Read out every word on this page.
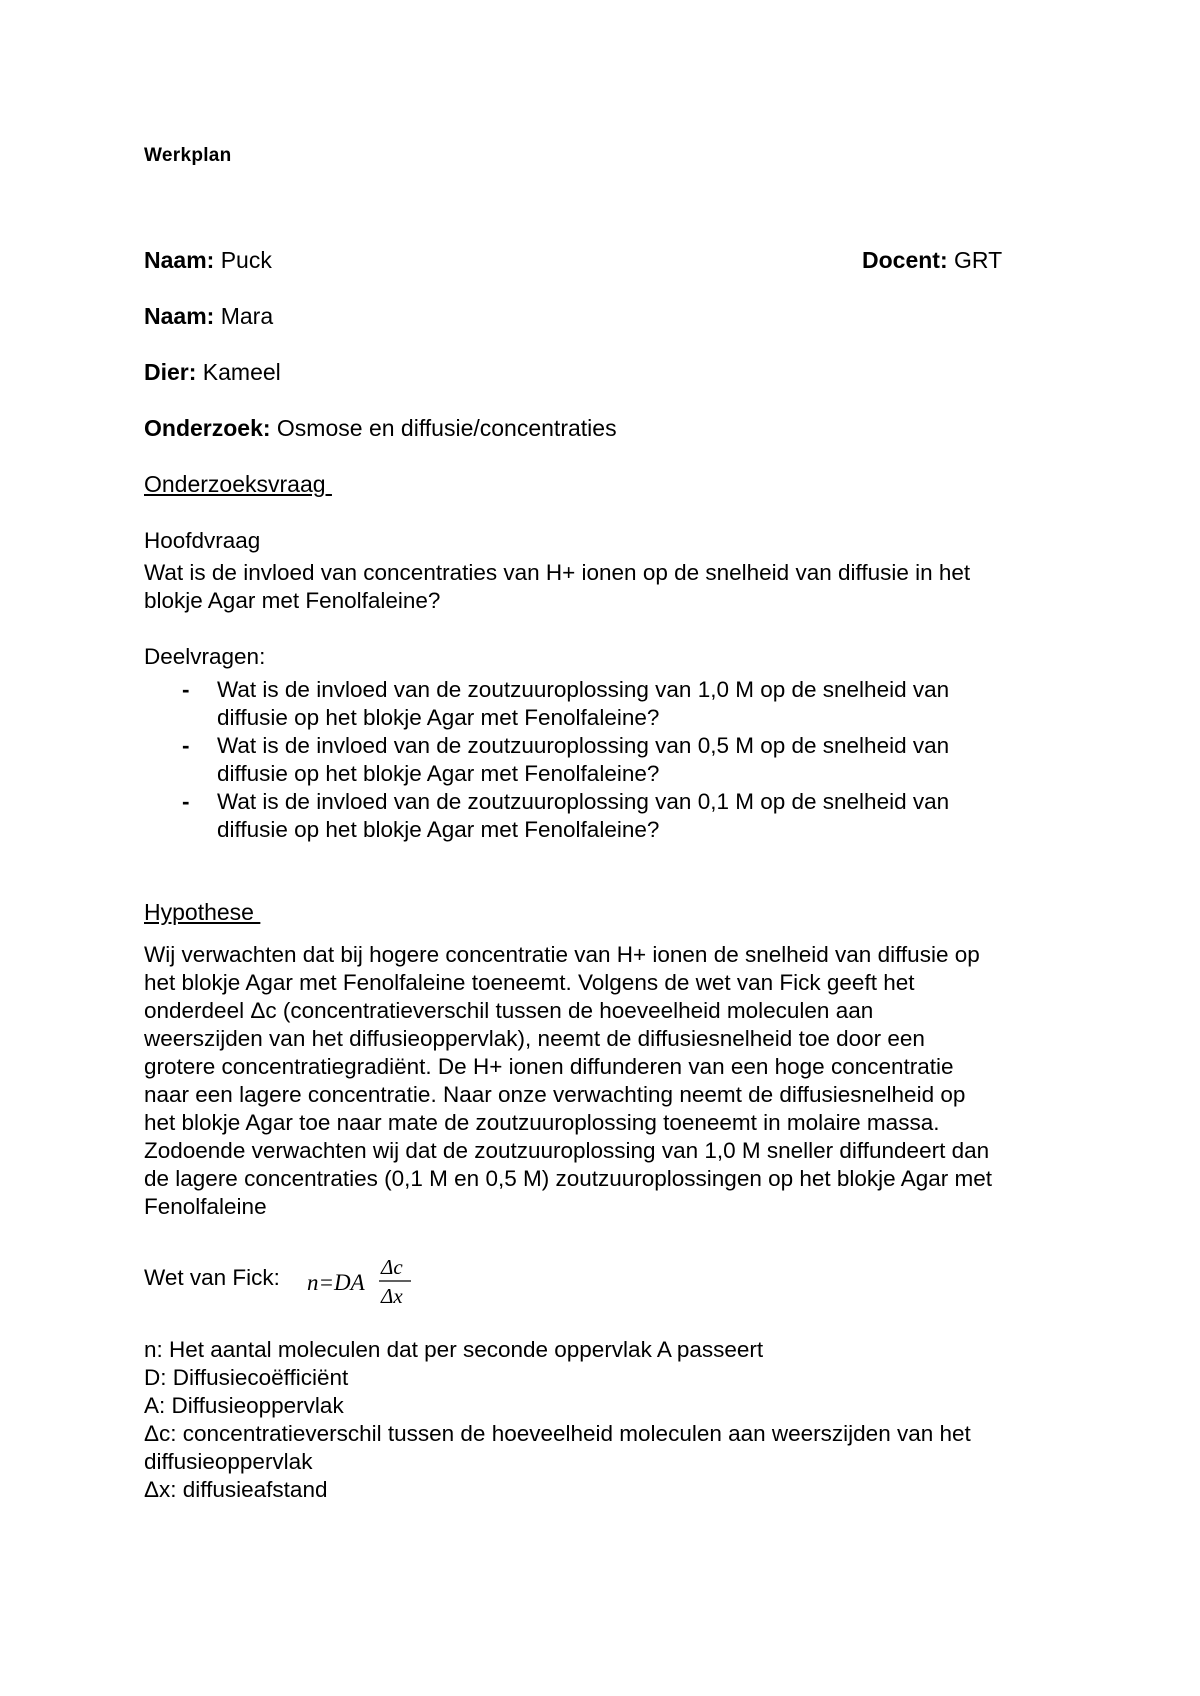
Werkplan
Naam: Puck	Docent: GRT
Naam: Mara
Dier: Kameel
Onderzoek: Osmose en diffusie/concentraties
Onderzoeksvraag
Hoofdvraag
Wat is de invloed van concentraties van H+ ionen op de snelheid van diffusie in het
blokje Agar met Fenolfaleine?
Deelvragen:
- Wat is de invloed van de zoutzuuroplossing van 1,0 M op de snelheid van
diffusie op het blokje Agar met Fenolfaleine?
- Wat is de invloed van de zoutzuuroplossing van 0,5 M op de snelheid van
diffusie op het blokje Agar met Fenolfaleine?
- Wat is de invloed van de zoutzuuroplossing van 0,1 M op de snelheid van
diffusie op het blokje Agar met Fenolfaleine?
Hypothese
Wij verwachten dat bij hogere concentratie van H+ ionen de snelheid van diffusie op
het blokje Agar met Fenolfaleine toeneemt. Volgens de wet van Fick geeft het
onderdeel Δc (concentratieverschil tussen de hoeveelheid moleculen aan
weerszijden van het diffusieoppervlak), neemt de diffusiesnelheid toe door een
grotere concentratiegradiënt. De H+ ionen diffunderen van een hoge concentratie
naar een lagere concentratie. Naar onze verwachting neemt de diffusiesnelheid op
het blokje Agar toe naar mate de zoutzuuroplossing toeneemt in molaire massa.
Zodoende verwachten wij dat de zoutzuuroplossing van 1,0 M sneller diffundeert dan
de lagere concentraties (0,1 M en 0,5 M) zoutzuuroplossingen op het blokje Agar met
Fenolfaleine
Wet van Fick: n=DA
Δc
Δx
n: Het aantal moleculen dat per seconde oppervlak A passeert
D: Diffusiecoëfficiënt
A: Diffusieoppervlak
Δc: concentratieverschil tussen de hoeveelheid moleculen aan weerszijden van het
diffusieoppervlak
Δx: diffusieafstand
